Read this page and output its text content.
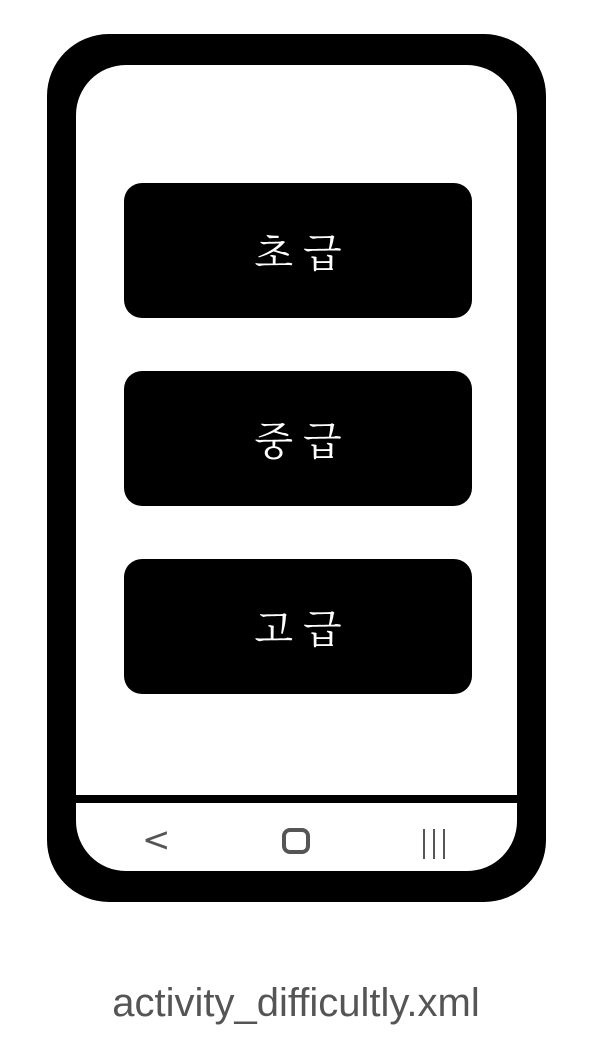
초급
중급
고급
<
activity_difficultly.xml
